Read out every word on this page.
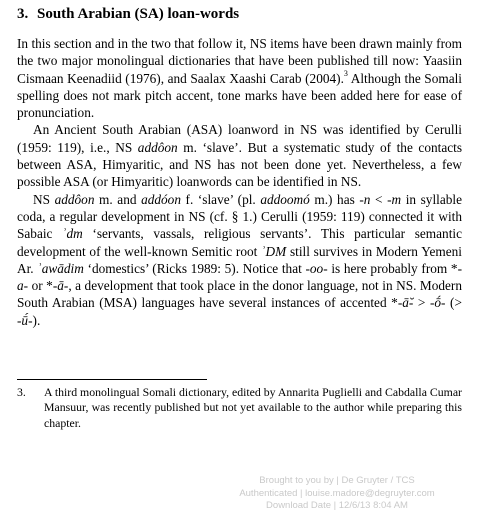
3. South Arabian (SA) loan-words

In this section and in the two that follow it, NS items have been drawn mainly from the two major monolingual dictionaries that have been published till now: Yaasiin Cismaan Keenadiid (1976), and Saalax Xaashi Carab (2004).$^3$ Although the Somali spelling does not mark pitch accent, tone marks have been added here for ease of pronunciation.

An Ancient South Arabian (ASA) loanword in NS was identified by Cerulli (1959: 119), i.e., NS addôon m. ‘slave’. But a systematic study of the contacts between ASA, Himyaritic, and NS has not been done yet. Nevertheless, a few possible ASA (or Himyaritic) loanwords can be identified in NS.

NS addôon m. and addóon f. ‘slave’ (pl. addoomó m.) has -n < -m in syllable coda, a regular development in NS (cf. § 1.) Cerulli (1959: 119) connected it with Sabaic ʾdm ‘servants, vassals, religious servants’. This particular semantic development of the well-known Semitic root ʾDM still survives in Modern Yemeni Ar. ʾawādim ‘domestics’ (Ricks 1989: 5). Notice that -oo- is here probably from *-a- or *-ā-, a development that took place in the donor language, not in NS. Modern South Arabian (MSA) languages have several instances of accented *-ā̆- > -ṓ- (> -ū́-).

3. A third monolingual Somali dictionary, edited by Annarita Puglielli and Cabdalla Cumar Mansuur, was recently published but not yet available to the author while preparing this chapter.
Brought to you by | De Gruyter / TCS
Authenticated | louise.madore@degruyter.com
Download Date | 12/6/13 8:04 AM
